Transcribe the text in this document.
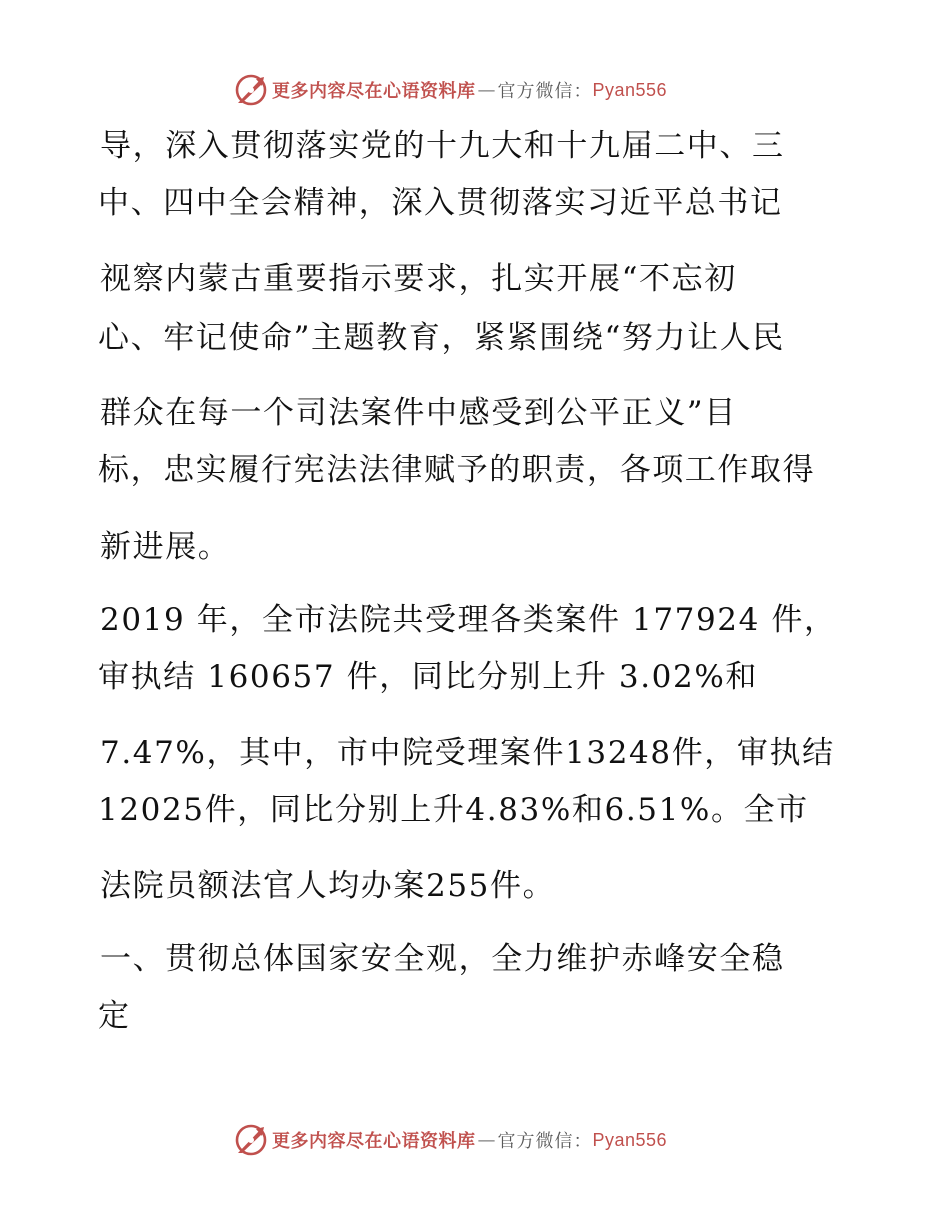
更多内容尽在心语资料库 — 官方微信： Pyan556
导，深入贯彻落实党的十九大和十九届二中、三
中、四中全会精神，深入贯彻落实习近平总书记
视察内蒙古重要指示要求，扎实开展“不忘初
心、牢记使命”主题教育，紧紧围绕“努力让人民
群众在每一个司法案件中感受到公平正义”目
标，忠实履行宪法法律赋予的职责，各项工作取得
新进展。
2019 年，全市法院共受理各类案件 177924 件，
审执结 160657 件，同比分别上升 3.02%和
7.47%，其中，市中院受理案件13248件，审执结
12025件，同比分别上升4.83%和6.51%。全市
法院员额法官人均办案255件。
一、贯彻总体国家安全观，全力维护赤峰安全稳
定
更多内容尽在心语资料库 — 官方微信： Pyan556
